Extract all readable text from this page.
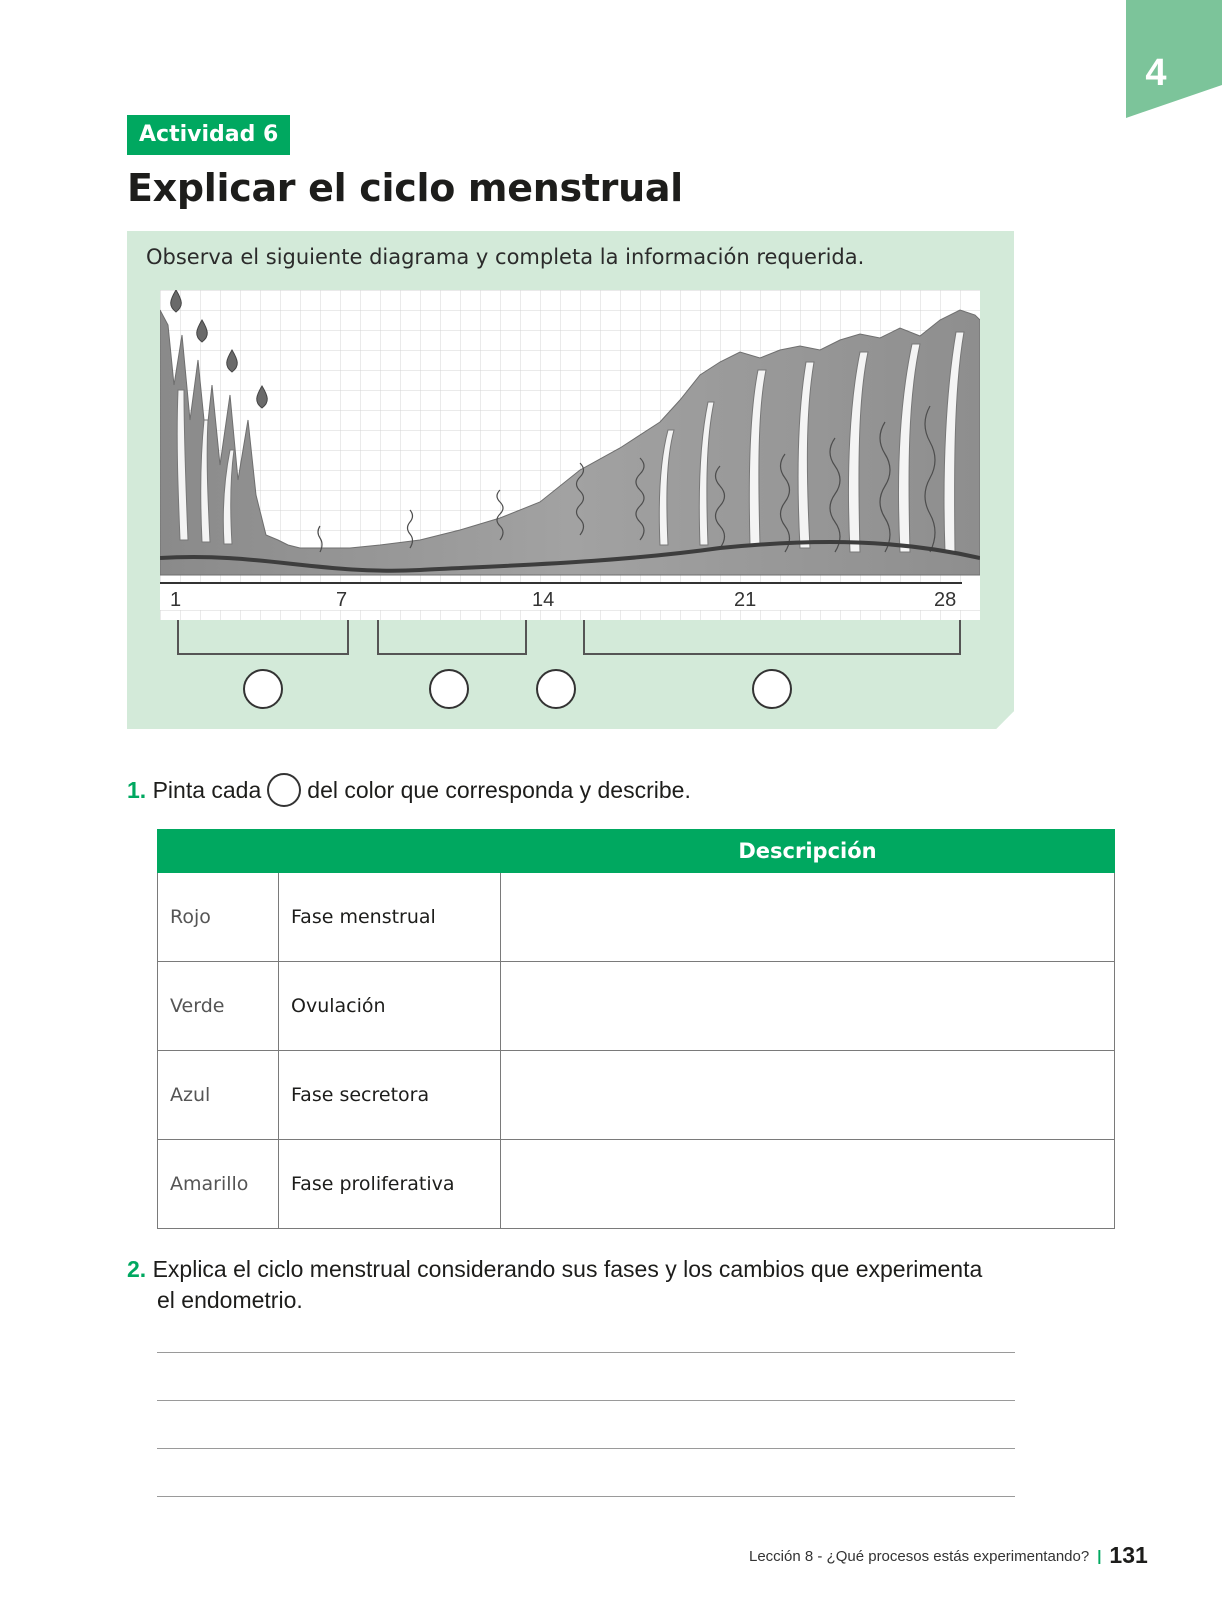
4
Actividad 6
Explicar el ciclo menstrual
Observa el siguiente diagrama y completa la información requerida.
1	7	14	21	28
1. Pinta cada del color que corresponda y describe.
		Descripción
Rojo	Fase menstrual	
Verde	Ovulación	
Azul	Fase secretora	
Amarillo	Fase proliferativa	
2. Explica el ciclo menstrual considerando sus fases y los cambios que experimenta
el endometrio.
Lección 8 - ¿Qué procesos estás experimentando? | 131
